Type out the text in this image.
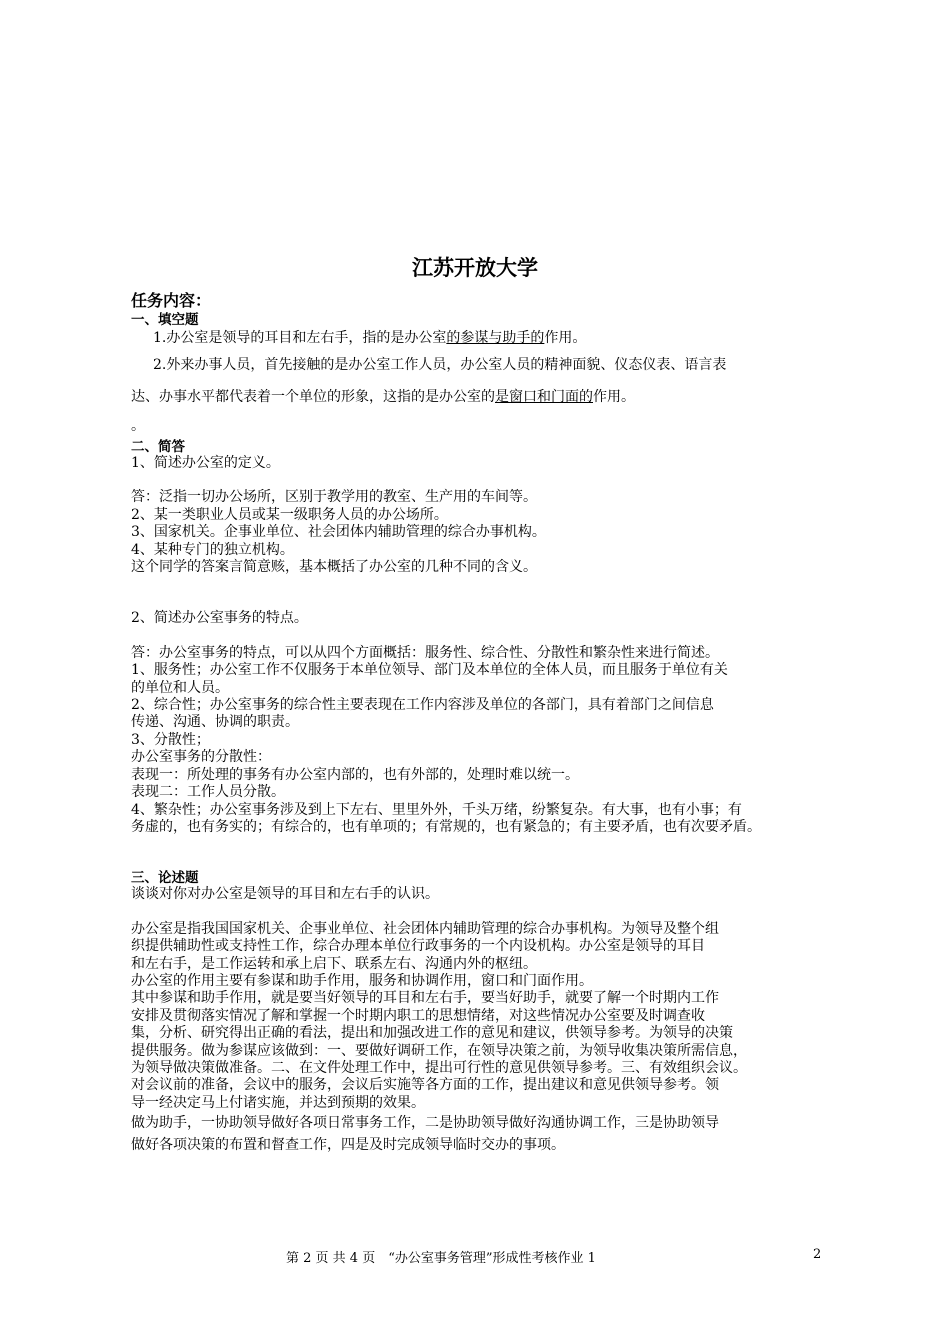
江苏开放大学
任务内容：
一、填空题
1.办公室是领导的耳目和左右手，指的是办公室的参谋与助手的作用。
2.外来办事人员，首先接触的是办公室工作人员，办公室人员的精神面貌、仪态仪表、语言表
达、办事水平都代表着一个单位的形象，这指的是办公室的是窗口和门面的作用。
。
二、简答
1、简述办公室的定义。
答：泛指一切办公场所，区别于教学用的教室、生产用的车间等。
2、某一类职业人员或某一级职务人员的办公场所。
3、国家机关。企事业单位、社会团体内辅助管理的综合办事机构。
4、某种专门的独立机构。
这个同学的答案言简意赅，基本概括了办公室的几种不同的含义。
2、简述办公室事务的特点。
答：办公室事务的特点，可以从四个方面概括：服务性、综合性、分散性和繁杂性来进行简述。
1、服务性；办公室工作不仅服务于本单位领导、部门及本单位的全体人员，而且服务于单位有关
的单位和人员。
2、综合性；办公室事务的综合性主要表现在工作内容涉及单位的各部门，具有着部门之间信息
传递、沟通、协调的职责。
3、分散性；
办公室事务的分散性：
表现一：所处理的事务有办公室内部的，也有外部的，处理时难以统一。
表现二：工作人员分散。
4、繁杂性；办公室事务涉及到上下左右、里里外外，千头万绪，纷繁复杂。有大事，也有小事；有
务虚的，也有务实的；有综合的，也有单项的；有常规的，也有紧急的；有主要矛盾，也有次要矛盾。
三、论述题
谈谈对你对办公室是领导的耳目和左右手的认识。
办公室是指我国国家机关、企事业单位、社会团体内辅助管理的综合办事机构。为领导及整个组
织提供辅助性或支持性工作，综合办理本单位行政事务的一个内设机构。办公室是领导的耳目
和左右手，是工作运转和承上启下、联系左右、沟通内外的枢纽。
办公室的作用主要有参谋和助手作用，服务和协调作用，窗口和门面作用。
其中参谋和助手作用，就是要当好领导的耳目和左右手，要当好助手，就要了解一个时期内工作
安排及贯彻落实情况了解和掌握一个时期内职工的思想情绪，对这些情况办公室要及时调查收
集，分析、研究得出正确的看法，提出和加强改进工作的意见和建议，供领导参考。为领导的决策
提供服务。做为参谋应该做到：一、要做好调研工作，在领导决策之前，为领导收集决策所需信息，
为领导做决策做准备。二、在文件处理工作中，提出可行性的意见供领导参考。三、有效组织会议。
对会议前的准备，会议中的服务，会议后实施等各方面的工作，提出建议和意见供领导参考。领
导一经决定马上付诸实施，并达到预期的效果。
做为助手，一协助领导做好各项日常事务工作，二是协助领导做好沟通协调工作，三是协助领导
做好各项决策的布置和督查工作，四是及时完成领导临时交办的事项。
第 2 页 共 4 页　“办公室事务管理”形成性考核作业 1	2
